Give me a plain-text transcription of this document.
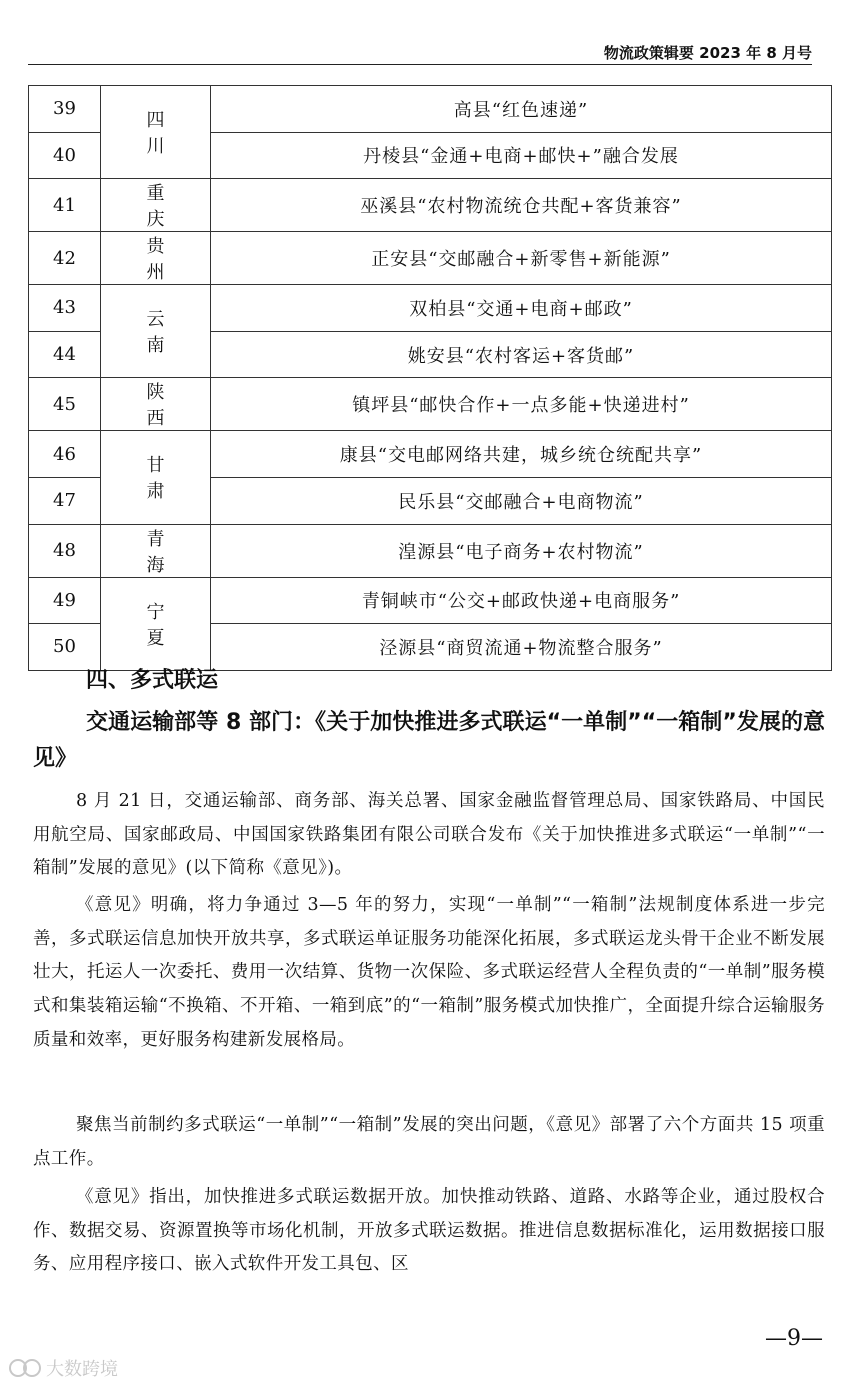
物流政策辑要 2023 年 8 月号
39	四　川	高县“红色速递”
40		丹棱县“金通+电商+邮快+”融合发展
41	重　庆	巫溪县“农村物流统仓共配+客货兼容”
42	贵　州	正安县“交邮融合+新零售+新能源”
43	云　南	双柏县“交通+电商+邮政”
44		姚安县“农村客运+客货邮”
45	陕　西	镇坪县“邮快合作+一点多能+快递进村”
46	甘　肃	康县“交电邮网络共建，城乡统仓统配共享”
47		民乐县“交邮融合+电商物流”
48	青　海	湟源县“电子商务+农村物流”
49	宁　夏	青铜峡市“公交+邮政快递+电商服务”
50		泾源县“商贸流通+物流整合服务”
四、多式联运

交通运输部等 8 部门：《关于加快推进多式联运“一单制”“一箱制”发展的意见》

8 月 21 日，交通运输部、商务部、海关总署、国家金融监督管理总局、国家铁路局、中国民用航空局、国家邮政局、中国国家铁路集团有限公司联合发布《关于加快推进多式联运“一单制”“一箱制”发展的意见》(以下简称《意见》)。

《意见》明确，将力争通过 3—5 年的努力，实现“一单制”“一箱制”法规制度体系进一步完善，多式联运信息加快开放共享，多式联运单证服务功能深化拓展，多式联运龙头骨干企业不断发展壮大，托运人一次委托、费用一次结算、货物一次保险、多式联运经营人全程负责的“一单制”服务模式和集装箱运输“不换箱、不开箱、一箱到底”的“一箱制”服务模式加快推广，全面提升综合运输服务质量和效率，更好服务构建新发展格局。

聚焦当前制约多式联运“一单制”“一箱制”发展的突出问题，《意见》部署了六个方面共 15 项重点工作。

《意见》指出，加快推进多式联运数据开放。加快推动铁路、道路、水路等企业，通过股权合作、数据交易、资源置换等市场化机制，开放多式联运数据。推进信息数据标准化，运用数据接口服务、应用程序接口、嵌入式软件开发工具包、区

—9—
大数跨境
